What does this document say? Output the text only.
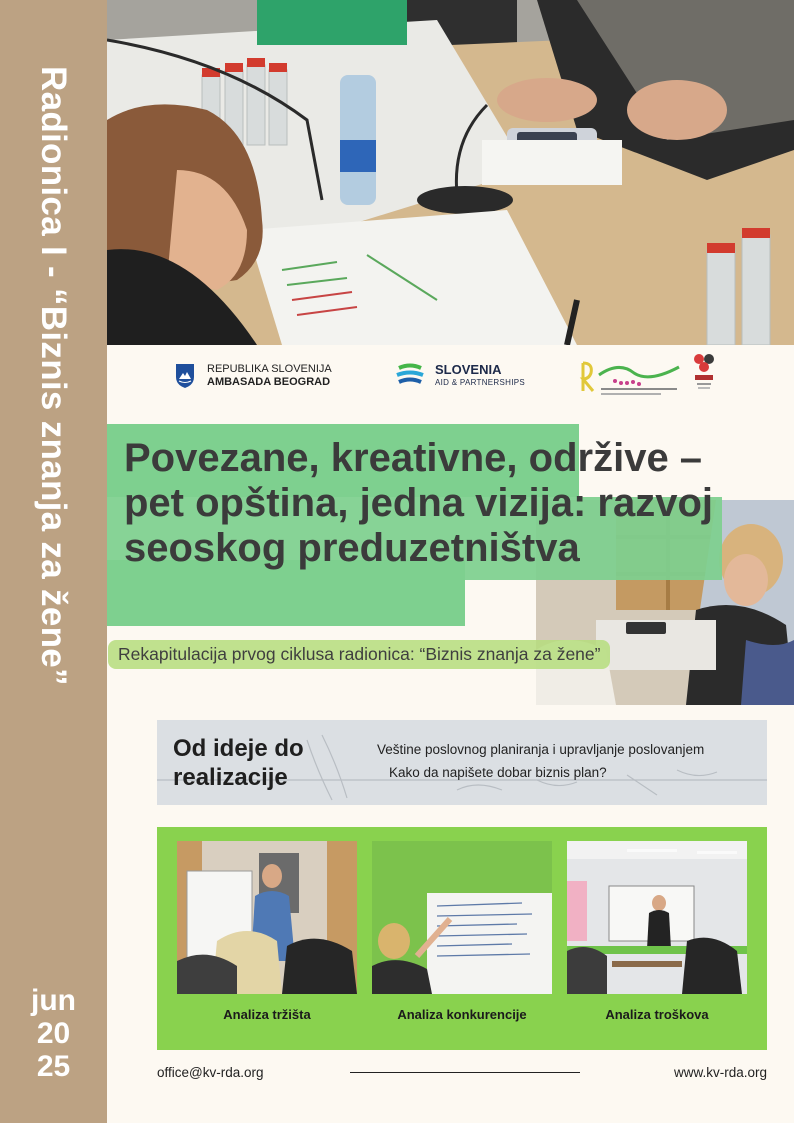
Radionica I - “Biznis znanja za žene”
jun
20
25
REPUBLIKA SLOVENIJA
AMBASADA BEOGRAD
SLOVENIA
AID & PARTNERSHIPS
Povezane, kreativne, održive – pet opština, jedna vizija: razvoj seoskog preduzetništva
Rekapitulacija prvog ciklusa radionica: “Biznis znanja za žene”
Od ideje do realizacije
Veštine poslovnog planiranja i upravljanje poslovanjem
Kako da napišete dobar biznis plan?
Analiza tržišta	Analiza konkurencije	Analiza troškova
office@kv-rda.org	www.kv-rda.org
